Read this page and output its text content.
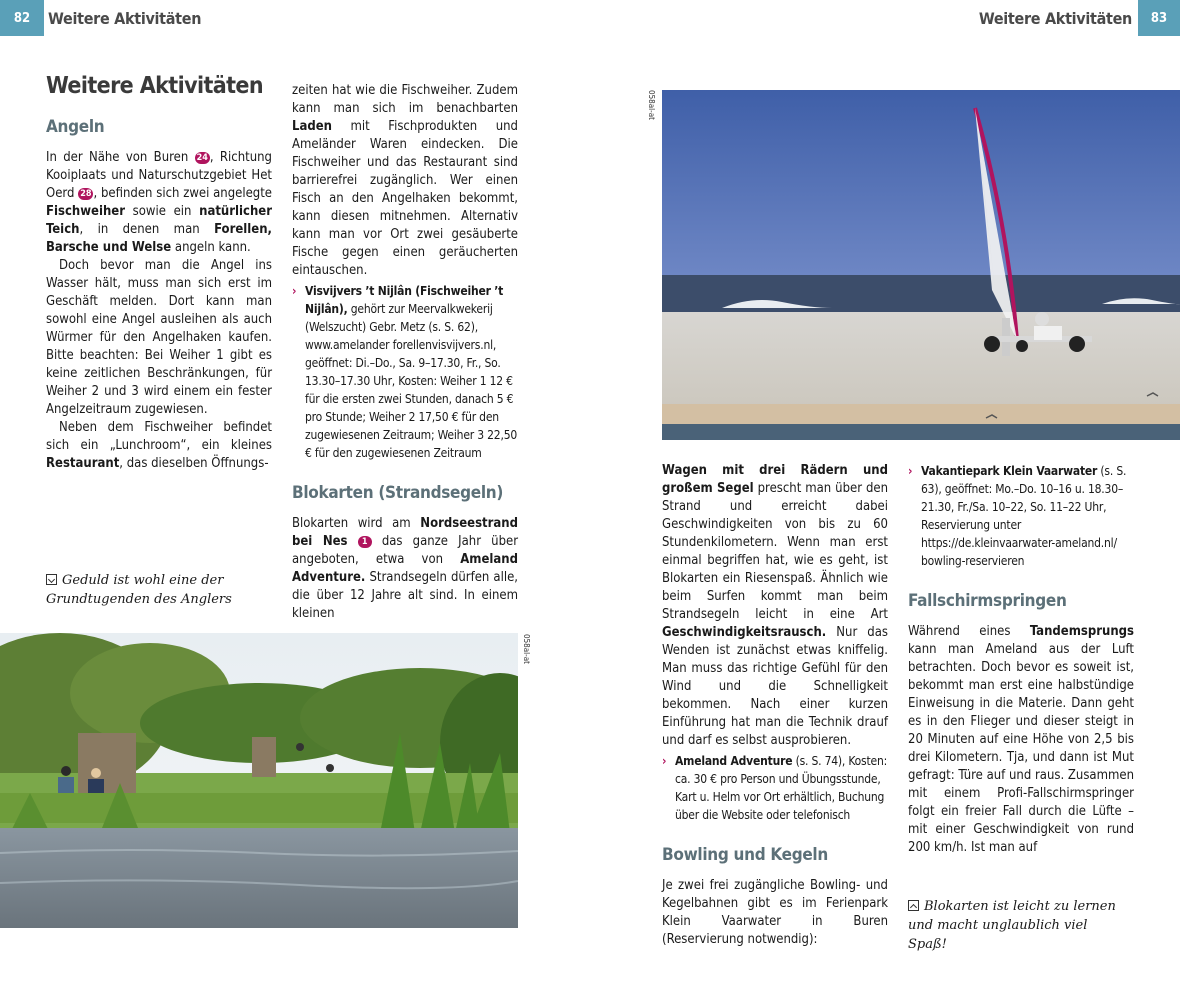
82	Weitere Aktivitäten	Weitere Aktivitäten	83
Weitere Aktivitäten
Angeln

In der Nähe von Buren 24 , Richtung Kooiplaats und Naturschutzgebiet Het Oerd 28 , befinden sich zwei angelegte Fischweiher sowie ein natürlicher Teich, in denen man Forellen, Barsche und Welse angeln kann.

Doch bevor man die Angel ins Wasser hält, muss man sich erst im Geschäft melden. Dort kann man sowohl eine Angel ausleihen als auch Würmer für den Angelhaken kaufen. Bitte beachten: Bei Weiher 1 gibt es keine zeitlichen Beschränkungen, für Weiher 2 und 3 wird einem ein fester Angelzeitraum zugewiesen.

Neben dem Fischweiher befindet sich ein „Lunchroom“, ein kleines Restaurant, das dieselben Öffnungs-

Geduld ist wohl eine der Grundtugenden des Anglers

zeiten hat wie die Fischweiher. Zudem kann man sich im benachbarten Laden mit Fischprodukten und Ameländer Waren eindecken. Die Fischweiher und das Restaurant sind barrierefrei zugänglich. Wer einen Fisch an den Angelhaken bekommt, kann diesen mitnehmen. Alternativ kann man vor Ort zwei gesäuberte Fische gegen einen geräucherten eintauschen.

› Visvijvers ’t Nijlân (Fischweiher ’t Nijlân), gehört zur Meervalkwekerij (Welszucht) Gebr. Metz (s. S. 62), www.amelander forellenvisvijvers.nl, geöffnet: Di.–Do., Sa. 9–17.30, Fr., So. 13.30–17.30 Uhr, Kosten: Weiher 1 12 € für die ersten zwei Stunden, danach 5 € pro Stunde; Weiher 2 17,50 € für den zugewiesenen Zeitraum; Weiher 3 22,50 € für den zugewiesenen Zeitraum
Blokarten (Strandsegeln)

Blokarten wird am Nordseestrand bei Nes 1 das ganze Jahr über angeboten, etwa von Ameland Adventure. Strandsegeln dürfen alle, die über 12 Jahre alt sind. In einem kleinen

058al-at
058al-at

Wagen mit drei Rädern und großem Segel prescht man über den Strand und erreicht dabei Geschwindigkeiten von bis zu 60 Stundenkilometern. Wenn man erst einmal begriffen hat, wie es geht, ist Blokarten ein Riesenspaß. Ähnlich wie beim Surfen kommt man beim Strandsegeln leicht in eine Art Geschwindigkeitsrausch. Nur das Wenden ist zunächst etwas kniffelig. Man muss das richtige Gefühl für den Wind und die Schnelligkeit bekommen. Nach einer kurzen Einführung hat man die Technik drauf und darf es selbst ausprobieren.

› Ameland Adventure (s. S. 74), Kosten: ca. 30 € pro Person und Übungsstunde, Kart u. Helm vor Ort erhältlich, Buchung über die Website oder telefonisch
Bowling und Kegeln

Je zwei frei zugängliche Bowling- und Kegelbahnen gibt es im Ferienpark Klein Vaarwater in Buren (Reservierung notwendig):

› Vakantiepark Klein Vaarwater (s. S. 63), geöffnet: Mo.–Do. 10–16 u. 18.30–21.30, Fr./Sa. 10–22, So. 11–22 Uhr, Reservierung unter https://de.kleinvaarwater-ameland.nl/ bowling-reservieren
Fallschirmspringen

Während eines Tandemsprungs kann man Ameland aus der Luft betrachten. Doch bevor es soweit ist, bekommt man erst eine halbstündige Einweisung in die Materie. Dann geht es in den Flieger und dieser steigt in 20 Minuten auf eine Höhe von 2,5 bis drei Kilometern. Tja, und dann ist Mut gefragt: Türe auf und raus. Zusammen mit einem Profi-Fallschirmspringer folgt ein freier Fall durch die Lüfte – mit einer Geschwindigkeit von rund 200 km/h. Ist man auf

Blokarten ist leicht zu lernen und macht unglaublich viel Spaß!
